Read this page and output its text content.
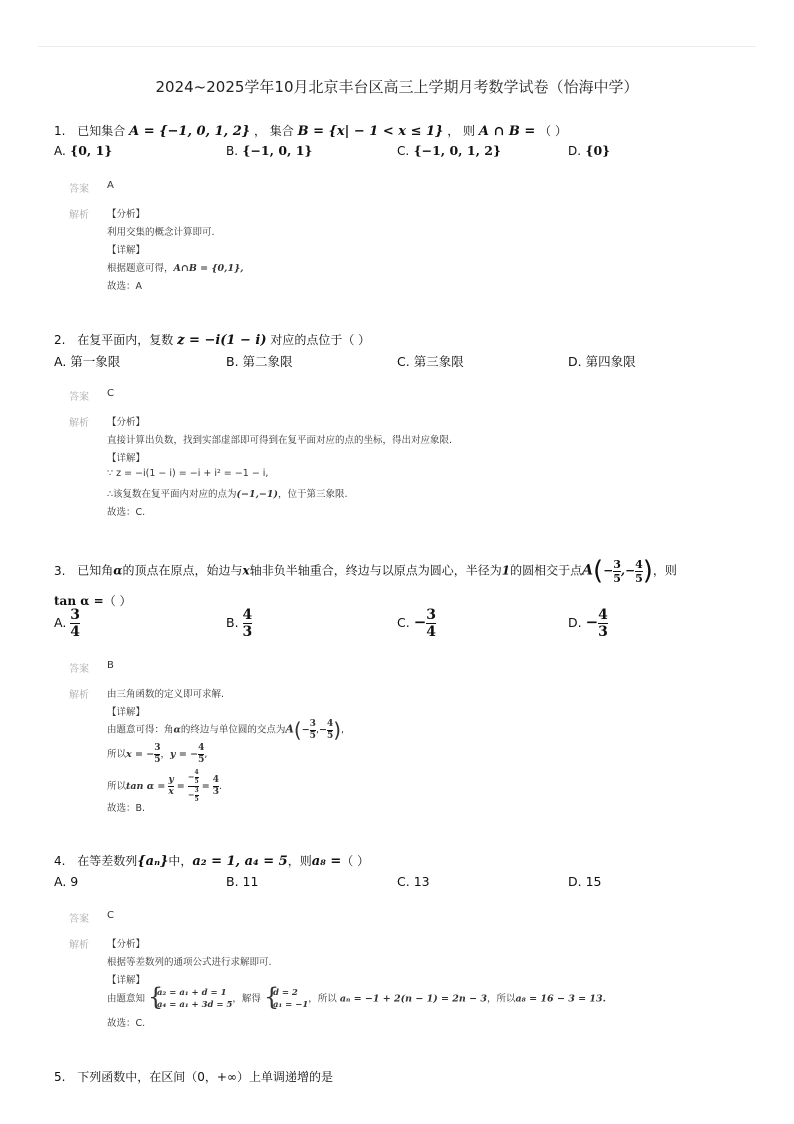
2024~2025学年10月北京丰台区高三上学期月考数学试卷（怡海中学）
1. 已知集合 A = {−1, 0, 1, 2} ， 集合 B = {x| − 1 < x ≤ 1} ， 则 A ∩ B = （ ）
A. {0, 1}	B. {−1, 0, 1}	C. {−1, 0, 1, 2}	D. {0}
答案 A
解析 【分析】
利用交集的概念计算即可.
【详解】
根据题意可得，A∩B = {0,1},
故选：A
2. 在复平面内，复数 z = −i(1 − i) 对应的点位于（ ）
A. 第一象限	B. 第二象限	C. 第三象限	D. 第四象限
答案 C
解析 【分析】
直接计算出负数，找到实部虚部即可得到在复平面对应的点的坐标，得出对应象限.
【详解】
∵ z = −i(1 − i) = −i + i² = −1 − i,
∴该复数在复平面内对应的点为(−1,−1)，位于第三象限.
故选：C.
3. 已知角α的顶点在原点，始边与x轴非负半轴重合，终边与以原点为圆心，半径为1的圆相交于点$A(- \frac{3}{5}$ ,− $\frac{4}{5}$ )，则
tan α =（ ）
A. $\frac{3}{4}$	B. $\frac{4}{3}$	C. − $\frac{3}{4}$	D. − $\frac{4}{3}$
答案 B
解析 由三角函数的定义即可求解.
【详解】
由题意可得：角α的终边与单位圆的交点为$A(- \frac{3}{5}$ ,− $\frac{4}{5}$ ),
所以x = − $\frac{3}{5}$ ，y = − $\frac{4}{5}$ ,
所以$\tan \alpha = \frac{y}{x} = \frac{- \frac{4}{5}}{- \frac{3}{5}} = \frac{4}{3}$ .
故选：B.
4. 在等差数列{aₙ}中，a₂ = 1, a₄ = 5，则a₈ =（ ）
A. 9	B. 11	C. 13	D. 15
答案 C
解析 【分析】
根据等差数列的通项公式进行求解即可.
【详解】
由题意知 {
a₂ = a₁ + d = 1
a₄ = a₁ + 3d = 5
，解得 {
d = 2
a₁ = −1
，所以 aₙ = −1 + 2(n − 1) = 2n − 3，所以a₈ = 16 − 3 = 13.
故选：C.
5. 下列函数中，在区间（0，+∞）上单调递增的是
